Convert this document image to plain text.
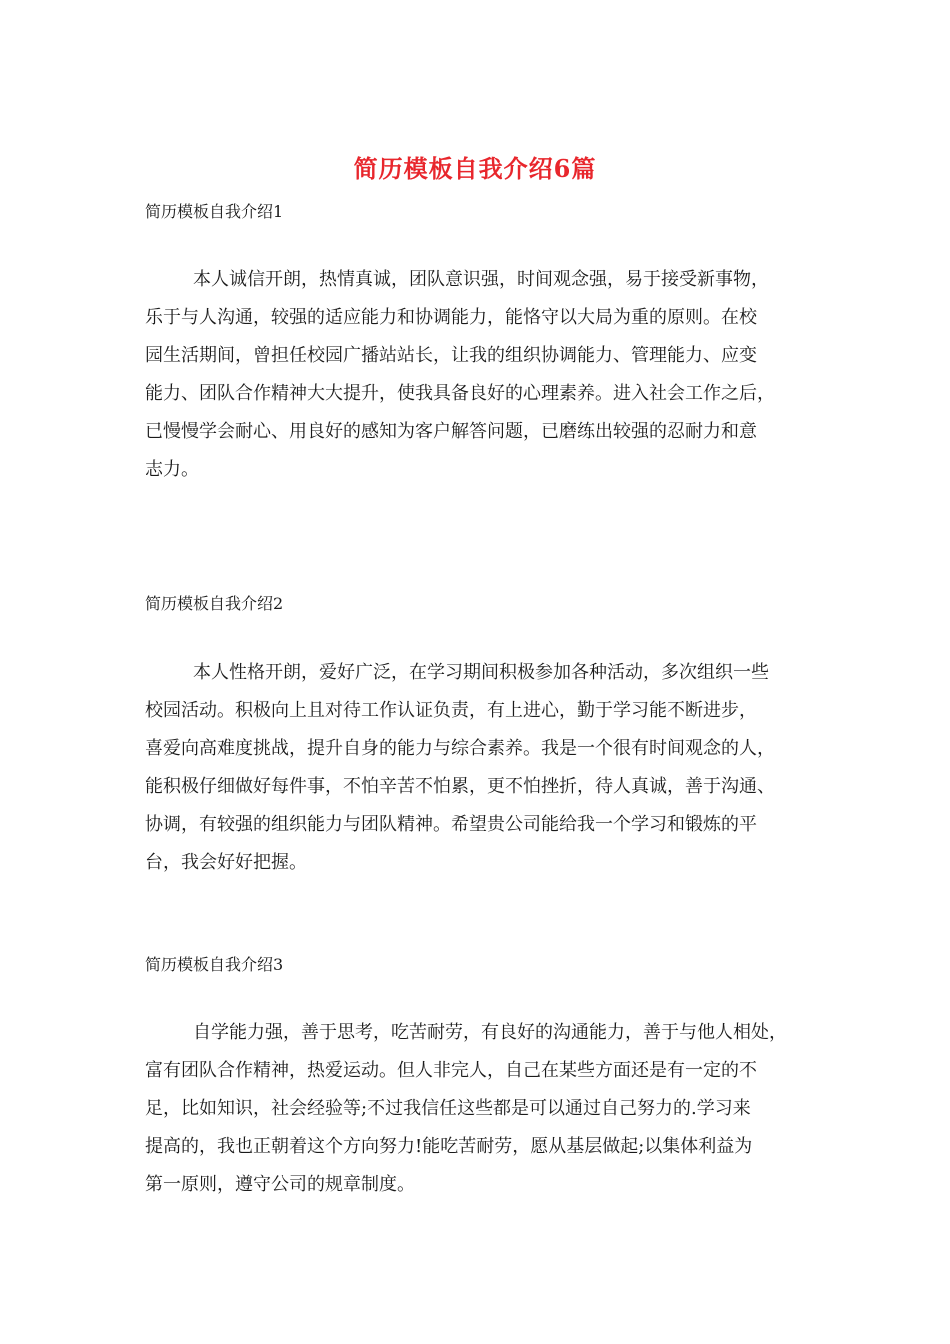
简历模板自我介绍6篇
简历模板自我介绍1
本人诚信开朗，热情真诚，团队意识强，时间观念强，易于接受新事物，
乐于与人沟通，较强的适应能力和协调能力，能恪守以大局为重的原则。在校
园生活期间，曾担任校园广播站站长，让我的组织协调能力、管理能力、应变
能力、团队合作精神大大提升，使我具备良好的心理素养。进入社会工作之后，
已慢慢学会耐心、用良好的感知为客户解答问题，已磨练出较强的忍耐力和意
志力。
简历模板自我介绍2
本人性格开朗，爱好广泛，在学习期间积极参加各种活动，多次组织一些
校园活动。积极向上且对待工作认证负责，有上进心，勤于学习能不断进步，
喜爱向高难度挑战，提升自身的能力与综合素养。我是一个很有时间观念的人，
能积极仔细做好每件事，不怕辛苦不怕累，更不怕挫折，待人真诚，善于沟通、
协调，有较强的组织能力与团队精神。希望贵公司能给我一个学习和锻炼的平
台，我会好好把握。
简历模板自我介绍3
自学能力强，善于思考，吃苦耐劳，有良好的沟通能力，善于与他人相处，
富有团队合作精神，热爱运动。但人非完人，自己在某些方面还是有一定的不
足，比如知识，社会经验等;不过我信任这些都是可以通过自己努力的.学习来
提高的，我也正朝着这个方向努力!能吃苦耐劳，愿从基层做起;以集体利益为
第一原则，遵守公司的规章制度。
